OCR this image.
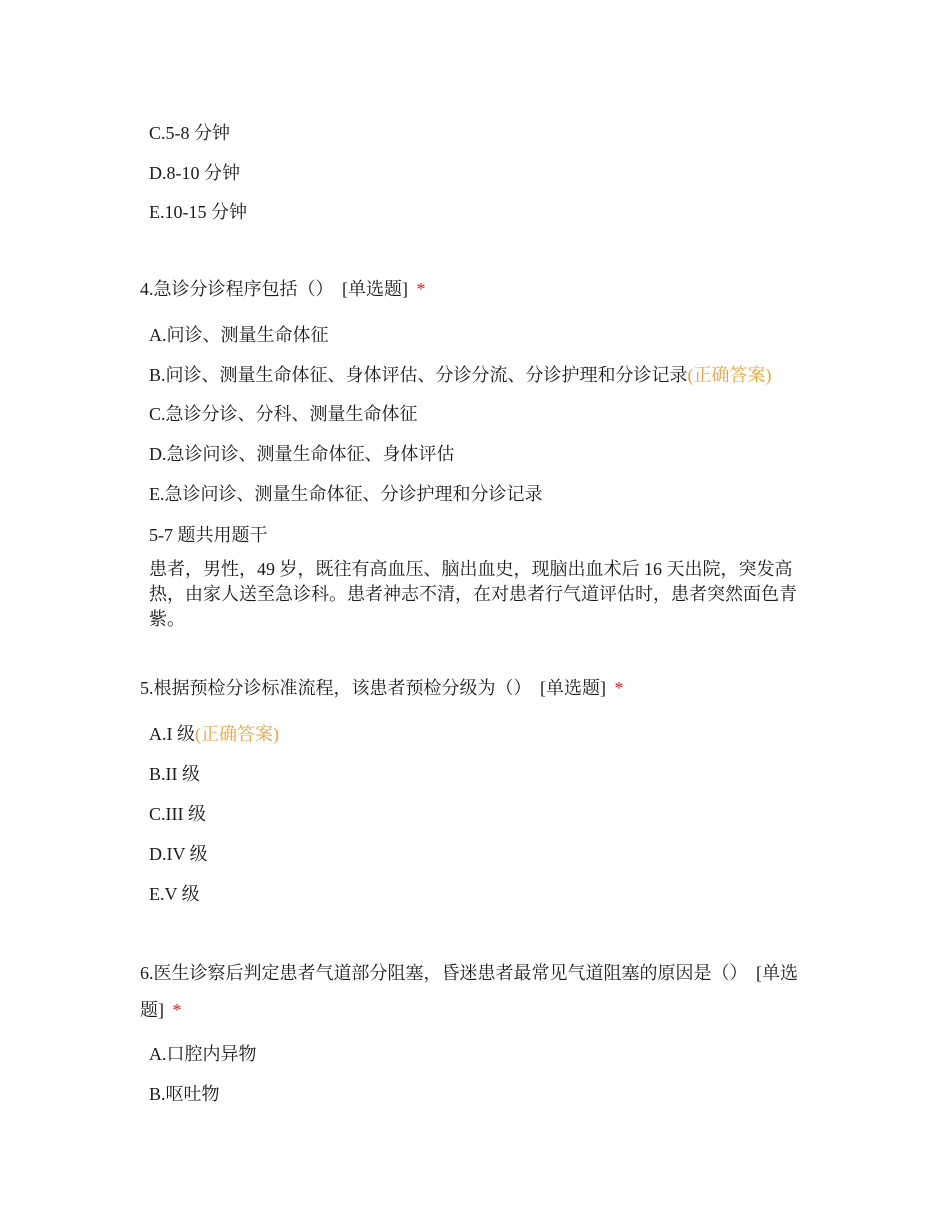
C.5-8 分钟
D.8-10 分钟
E.10-15 分钟
4.急诊分诊程序包括（） [单选题] *
A.问诊、测量生命体征
B.问诊、测量生命体征、身体评估、分诊分流、分诊护理和分诊记录(正确答案)
C.急诊分诊、分科、测量生命体征
D.急诊问诊、测量生命体征、身体评估
E.急诊问诊、测量生命体征、分诊护理和分诊记录
5-7 题共用题干
患者，男性，49 岁，既往有高血压、脑出血史，现脑出血术后 16 天出院，突发高热，由家人送至急诊科。患者神志不清，在对患者行气道评估时，患者突然面色青紫。
5.根据预检分诊标准流程，该患者预检分级为（） [单选题] *
A.I 级(正确答案)
B.II 级
C.III 级
D.IV 级
E.V 级
6.医生诊察后判定患者气道部分阻塞，昏迷患者最常见气道阻塞的原因是（） [单选题] *
A.口腔内异物
B.呕吐物
